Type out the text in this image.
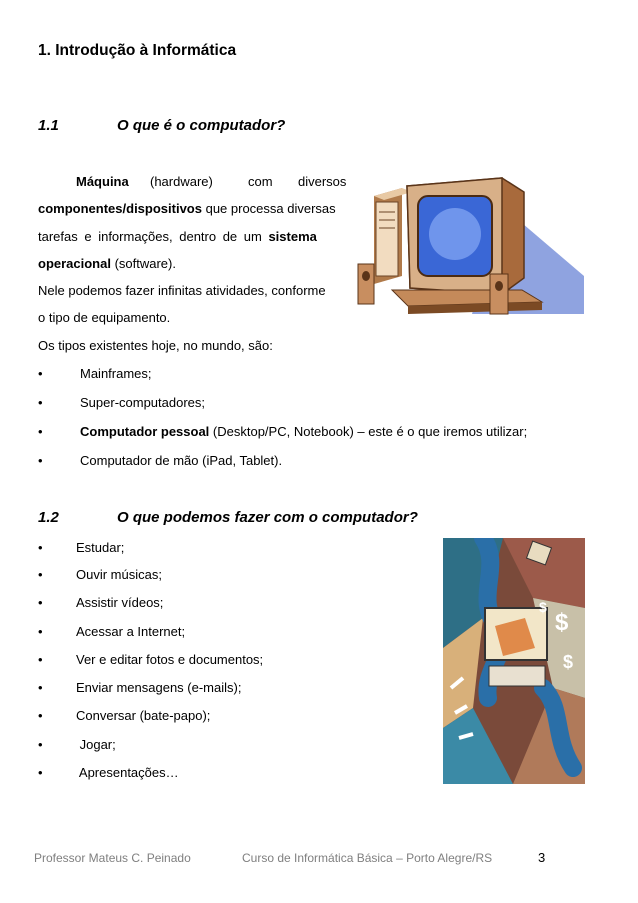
1. Introdução à Informática
1.1	O que é o computador?
Máquina (hardware)	com diversos
componentes/dispositivos que processa diversas
tarefas e informações, dentro de um sistema
operacional (software).
Nele podemos fazer infinitas atividades, conforme
o tipo de equipamento.
Os tipos existentes hoje, no mundo, são:
•	Mainframes;
•	Super-computadores;
•	Computador pessoal (Desktop/PC, Notebook) – este é o que iremos utilizar;
•	Computador de mão (iPad, Tablet).
1.2	O que podemos fazer com o computador?
•	Estudar;
•	Ouvir músicas;
•	Assistir vídeos;
•	Acessar a Internet;
•	Ver e editar fotos e documentos;
•	Enviar mensagens (e-mails);
•	Conversar (bate-papo);
•	Jogar;
•	Apresentações…
$
$
$
Professor Mateus C. Peinado	Curso de Informática Básica – Porto Alegre/RS	3
